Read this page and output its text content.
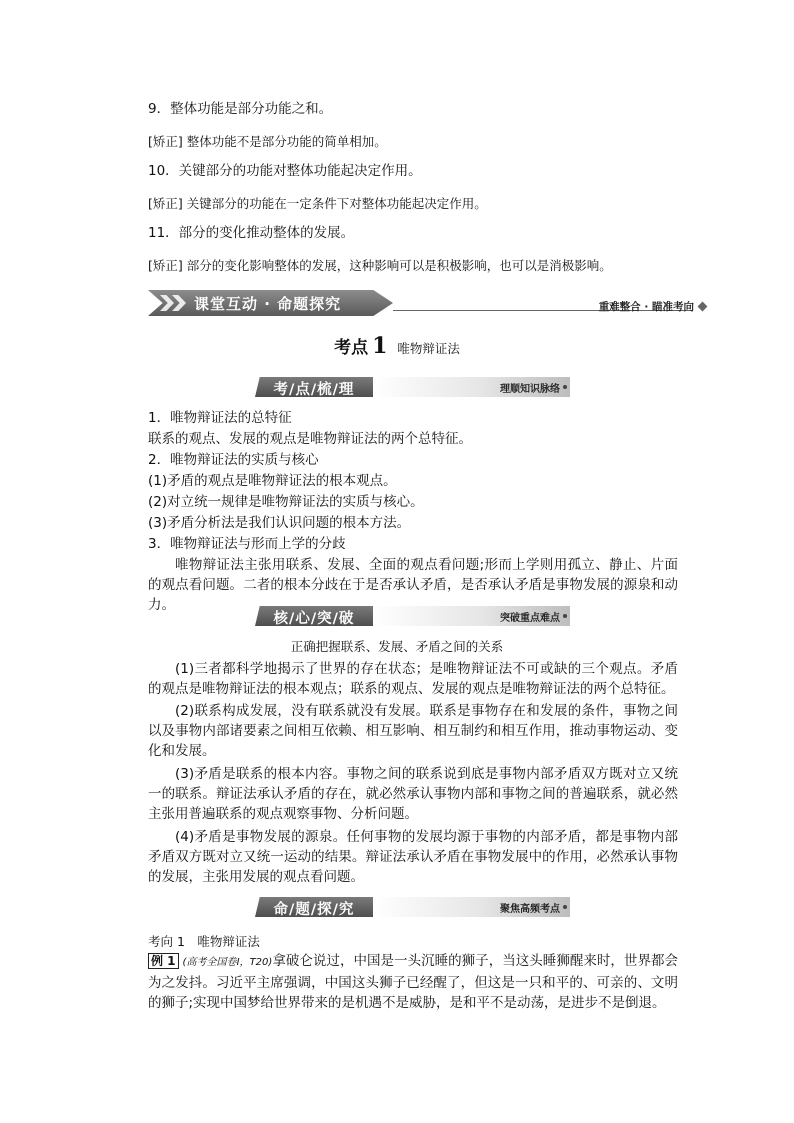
9．整体功能是部分功能之和。
[矫正] 整体功能不是部分功能的简单相加。
10．关键部分的功能对整体功能起决定作用。
[矫正] 关键部分的功能在一定条件下对整体功能起决定作用。
11．部分的变化推动整体的发展。
[矫正] 部分的变化影响整体的发展，这种影响可以是积极影响，也可以是消极影响。
课堂互动 · 命题探究	重难整合 · 瞄准考向
考点 1 唯物辩证法
考/点/梳/理	理顺知识脉络
1．唯物辩证法的总特征
联系的观点、发展的观点是唯物辩证法的两个总特征。
2．唯物辩证法的实质与核心
(1)矛盾的观点是唯物辩证法的根本观点。
(2)对立统一规律是唯物辩证法的实质与核心。
(3)矛盾分析法是我们认识问题的根本方法。
3．唯物辩证法与形而上学的分歧
唯物辩证法主张用联系、发展、全面的观点看问题;形而上学则用孤立、静止、片面的观点看问题。二者的根本分歧在于是否承认矛盾，是否承认矛盾是事物发展的源泉和动力。
核/心/突/破	突破重点难点
正确把握联系、发展、矛盾之间的关系
(1)三者都科学地揭示了世界的存在状态；是唯物辩证法不可或缺的三个观点。矛盾的观点是唯物辩证法的根本观点；联系的观点、发展的观点是唯物辩证法的两个总特征。
(2)联系构成发展，没有联系就没有发展。联系是事物存在和发展的条件，事物之间以及事物内部诸要素之间相互依赖、相互影响、相互制约和相互作用，推动事物运动、变化和发展。
(3)矛盾是联系的根本内容。事物之间的联系说到底是事物内部矛盾双方既对立又统一的联系。辩证法承认矛盾的存在，就必然承认事物内部和事物之间的普遍联系，就必然主张用普遍联系的观点观察事物、分析问题。
(4)矛盾是事物发展的源泉。任何事物的发展均源于事物的内部矛盾，都是事物内部矛盾双方既对立又统一运动的结果。辩证法承认矛盾在事物发展中的作用，必然承认事物的发展，主张用发展的观点看问题。
命/题/探/究	聚焦高频考点
考向 1　唯物辩证法
例 1 (高考全国卷Ⅰ，T20)拿破仑说过，中国是一头沉睡的狮子，当这头睡狮醒来时，世界都会为之发抖。习近平主席强调，中国这头狮子已经醒了，但这是一只和平的、可亲的、文明的狮子;实现中国梦给世界带来的是机遇不是威胁，是和平不是动荡，是进步不是倒退。
